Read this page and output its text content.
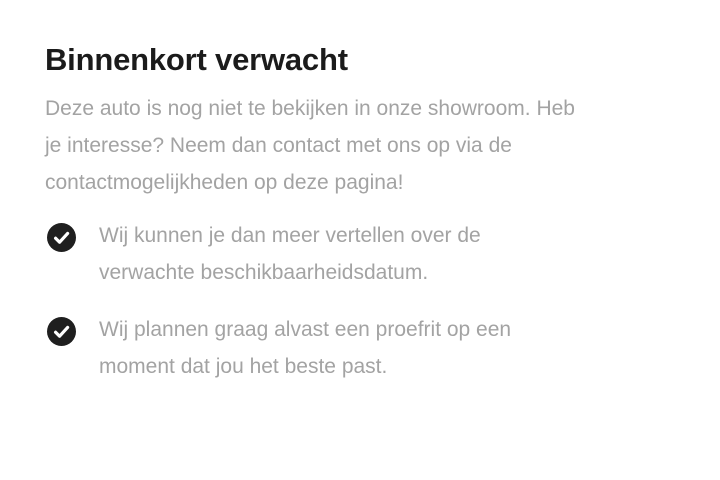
Binnenkort verwacht

Deze auto is nog niet te bekijken in onze showroom. Heb je interesse? Neem dan contact met ons op via de contactmogelijkheden op deze pagina!

Wij kunnen je dan meer vertellen over de verwachte beschikbaarheidsdatum.
Wij plannen graag alvast een proefrit op een moment dat jou het beste past.
